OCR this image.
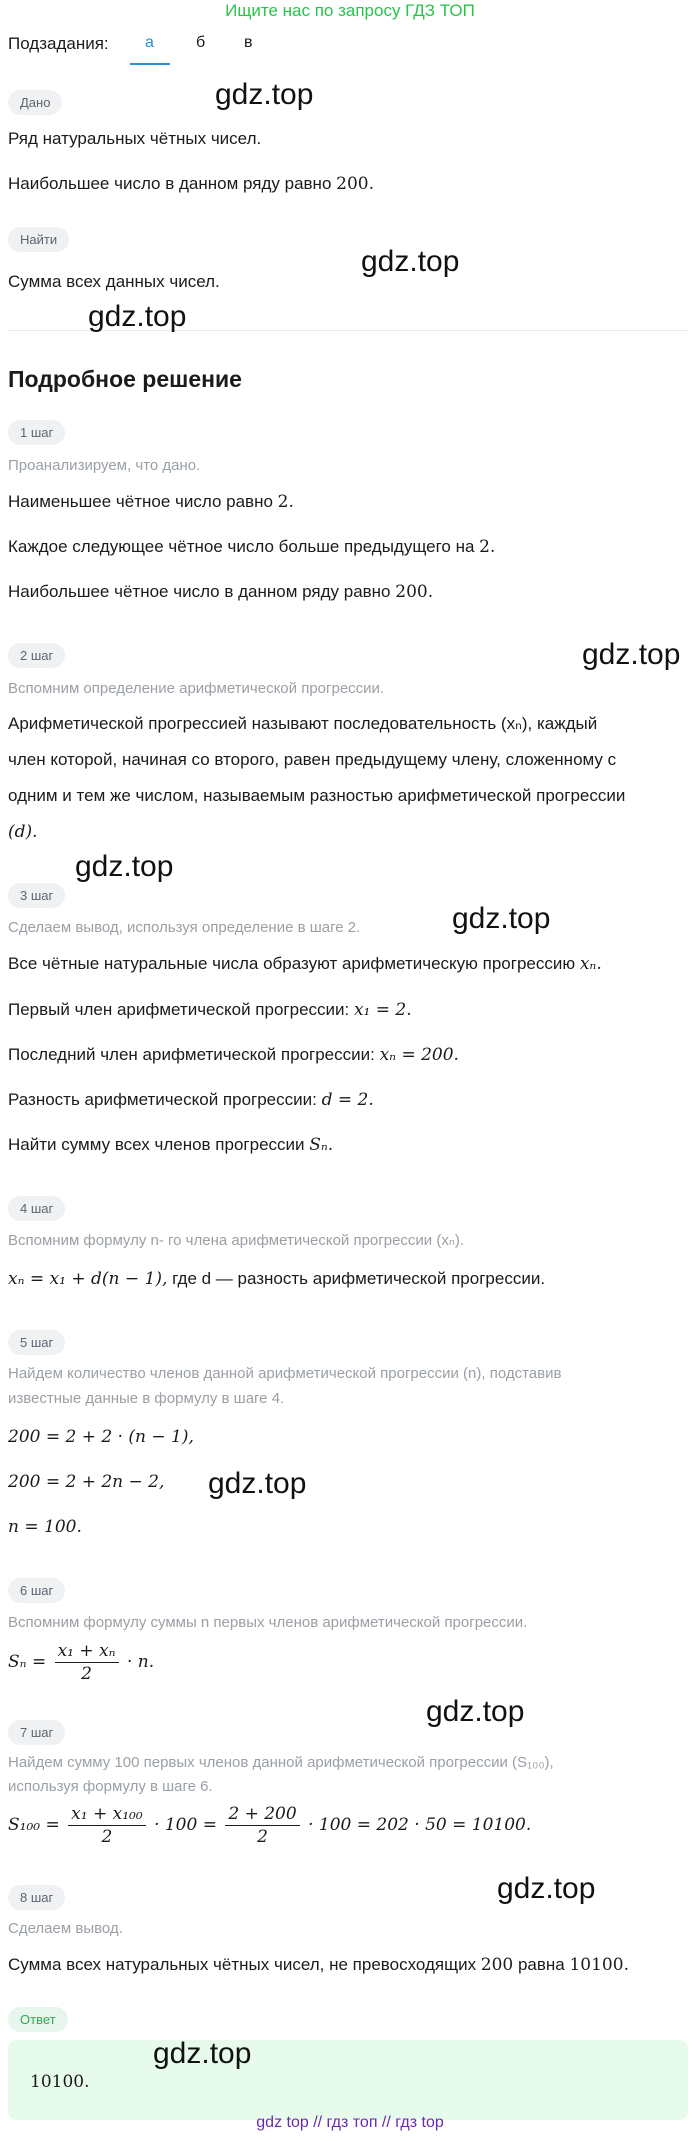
Ищите нас по запросу ГДЗ ТОП
Подзадания: а	б в
Дано
Ряд натуральных чётных чисел.
Наибольшее число в данном ряду равно 200.
Найти
Сумма всех данных чисел.
Подробное решение
1 шаг
Проанализируем, что дано.
Наименьшее чётное число равно 2.
Каждое следующее чётное число больше предыдущего на 2.
Наибольшее чётное число в данном ряду равно 200.
2 шаг
Вспомним определение арифметической прогрессии.
Арифметической прогрессией называют последовательность (xₙ), каждый
член которой, начиная со второго, равен предыдущему члену, сложенному с
одним и тем же числом, называемым разностью арифметической прогрессии
(d).
3 шаг
Сделаем вывод, используя определение в шаге 2.
Все чётные натуральные числа образуют арифметическую прогрессию xₙ.
Первый член арифметической прогрессии: x₁ = 2.
Последний член арифметической прогрессии: xₙ = 200.
Разность арифметической прогрессии: d = 2.
Найти сумму всех членов прогрессии Sₙ.
4 шаг
Вспомним формулу n- го члена арифметической прогрессии (xₙ).
xₙ = x₁ + d(n − 1), где d — разность арифметической прогрессии.
5 шаг
Найдем количество членов данной арифметической прогрессии (n), подставив
известные данные в формулу в шаге 4.
200 = 2 + 2 · (n − 1),
200 = 2 + 2n − 2,
n = 100.
6 шаг
Вспомним формулу суммы n первых членов арифметической прогрессии.
$S_n = \frac{\text{x₁ + xₙ}}{2} \cdot n$.
7 шаг
Найдем сумму 100 первых членов данной арифметической прогрессии (S₁₀₀),
используя формулу в шаге 6.
$S_{100} = \frac{\text{x₁ + x₁₀₀}}{2} \cdot 100 = \frac{2 + 200}{2} \cdot 100 = 202 \cdot 50 = 10100$.
8 шаг
Сделаем вывод.
Сумма всех натуральных чётных чисел, не превосходящих 200 равна 10100.
Ответ
10100.
gdz top // гдз топ // гдз top
gdz.top
gdz.top
gdz.top
gdz.top
gdz.top
gdz.top
gdz.top
gdz.top
gdz.top
gdz.top
